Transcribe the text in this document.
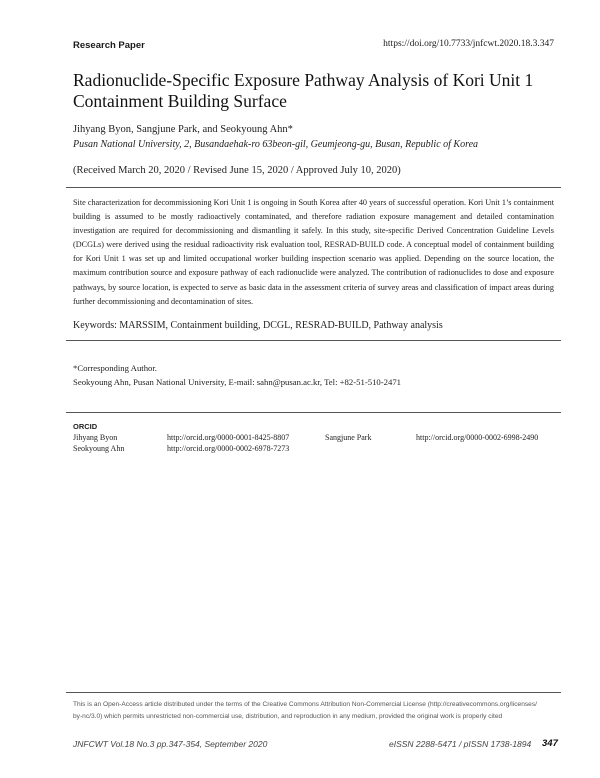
Research Paper	https://doi.org/10.7733/jnfcwt.2020.18.3.347
Radionuclide-Specific Exposure Pathway Analysis of Kori Unit 1
Containment Building Surface
Jihyang Byon, Sangjune Park, and Seokyoung Ahn*
Pusan National University, 2, Busandaehak-ro 63beon-gil, Geumjeong-gu, Busan, Republic of Korea
(Received March 20, 2020 / Revised June 15, 2020 / Approved July 10, 2020)

Site characterization for decommissioning Kori Unit 1 is ongoing in South Korea after 40 years of successful operation. Kori Unit 1’s containment building is assumed to be mostly radioactively contaminated, and therefore radiation exposure management and detailed contamination investigation are required for decommissioning and dismantling it safely. In this study, site-specific Derived Concentration Guideline Levels (DCGLs) were derived using the residual radioactivity risk evaluation tool, RESRAD-BUILD code. A conceptual model of containment building for Kori Unit 1 was set up and limited occupational worker building inspection scenario was applied. Depending on the source location, the maximum contribution source and exposure pathway of each radionuclide were analyzed. The contribution of radionuclides to dose and exposure pathways, by source location, is expected to serve as basic data in the assessment criteria of survey areas and classification of impact areas during further decommissioning and decontamination of sites.

Keywords: MARSSIM, Containment building, DCGL, RESRAD-BUILD, Pathway analysis
*Corresponding Author.
Seokyoung Ahn, Pusan National University, E-mail: sahn@pusan.ac.kr, Tel: +82-51-510-2471
ORCID
Jihyang Byon	http://orcid.org/0000-0001-8425-8807	Sangjune Park	http://orcid.org/0000-0002-6998-2490
Seokyoung Ahn	http://orcid.org/0000-0002-6978-7273
This is an Open-Access article distributed under the terms of the Creative Commons Attribution Non-Commercial License (http://creativecommons.org/licenses/
by-nc/3.0) which permits unrestricted non-commercial use, distribution, and reproduction in any medium, provided the original work is properly cited
JNFCWT Vol.18 No.3 pp.347-354, September 2020	eISSN 2288-5471 / pISSN 1738-1894 347
